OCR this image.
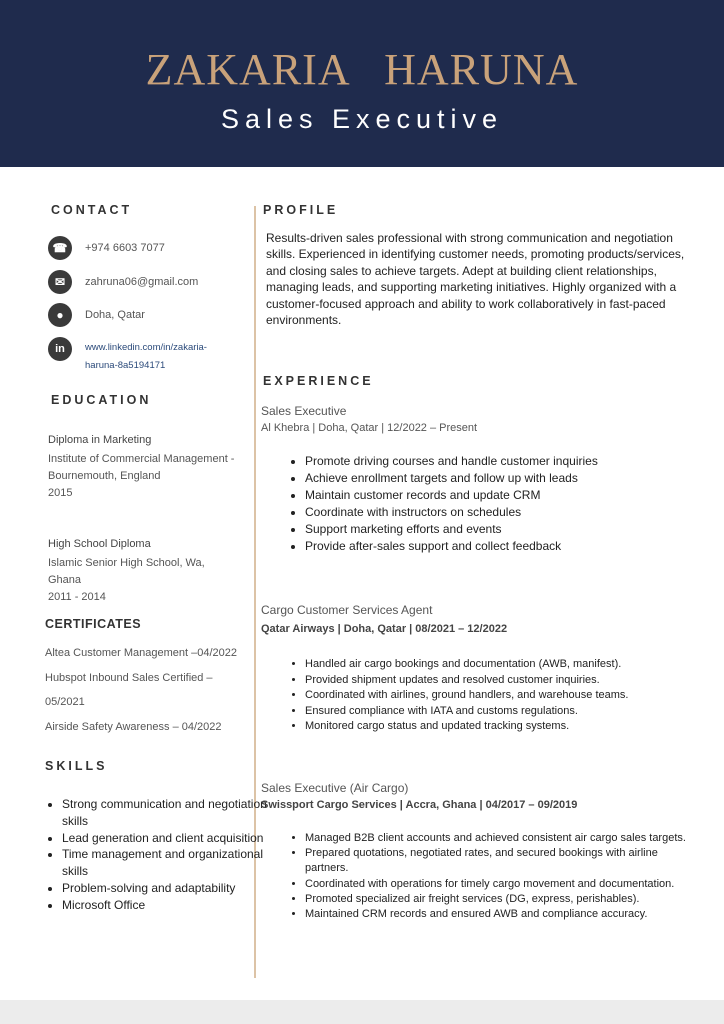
ZAKARIA   HARUNA
Sales Executive
CONTACT
☎	+974 6603 7077
✉	zahruna06@gmail.com
●	Doha, Qatar
in	www.linkedin.com/in/zakaria-
haruna-8a5194171
EDUCATION
Diploma in Marketing
Institute of Commercial Management - Bournemouth, England
2015
High School Diploma
Islamic Senior High School, Wa, Ghana
2011 - 2014
CERTIFICATES
Altea Customer Management –04/2022
Hubspot Inbound Sales Certified –
05/2021
Airside Safety Awareness – 04/2022
SKILLS
• Strong communication and negotiation skills
• Lead generation and client acquisition
• Time management and organizational skills
• Problem-solving and adaptability
• Microsoft Office
PROFILE

Results-driven sales professional with strong communication and negotiation skills. Experienced in identifying customer needs, promoting products/services, and closing sales to achieve targets. Adept at building client relationships, managing leads, and supporting marketing initiatives. Highly organized with a customer-focused approach and ability to work collaboratively in fast-paced environments.

EXPERIENCE
Sales Executive
Al Khebra | Doha, Qatar | 12/2022 – Present
• Promote driving courses and handle customer inquiries
• Achieve enrollment targets and follow up with leads
• Maintain customer records and update CRM
• Coordinate with instructors on schedules
• Support marketing efforts and events
• Provide after-sales support and collect feedback
Cargo Customer Services Agent
Qatar Airways | Doha, Qatar | 08/2021 – 12/2022
• Handled air cargo bookings and documentation (AWB, manifest).
• Provided shipment updates and resolved customer inquiries.
• Coordinated with airlines, ground handlers, and warehouse teams.
• Ensured compliance with IATA and customs regulations.
• Monitored cargo status and updated tracking systems.
Sales Executive (Air Cargo)
Swissport Cargo Services | Accra, Ghana | 04/2017 – 09/2019
• Managed B2B client accounts and achieved consistent air cargo sales targets.
• Prepared quotations, negotiated rates, and secured bookings with airline partners.
• Coordinated with operations for timely cargo movement and documentation.
• Promoted specialized air freight services (DG, express, perishables).
• Maintained CRM records and ensured AWB and compliance accuracy.
